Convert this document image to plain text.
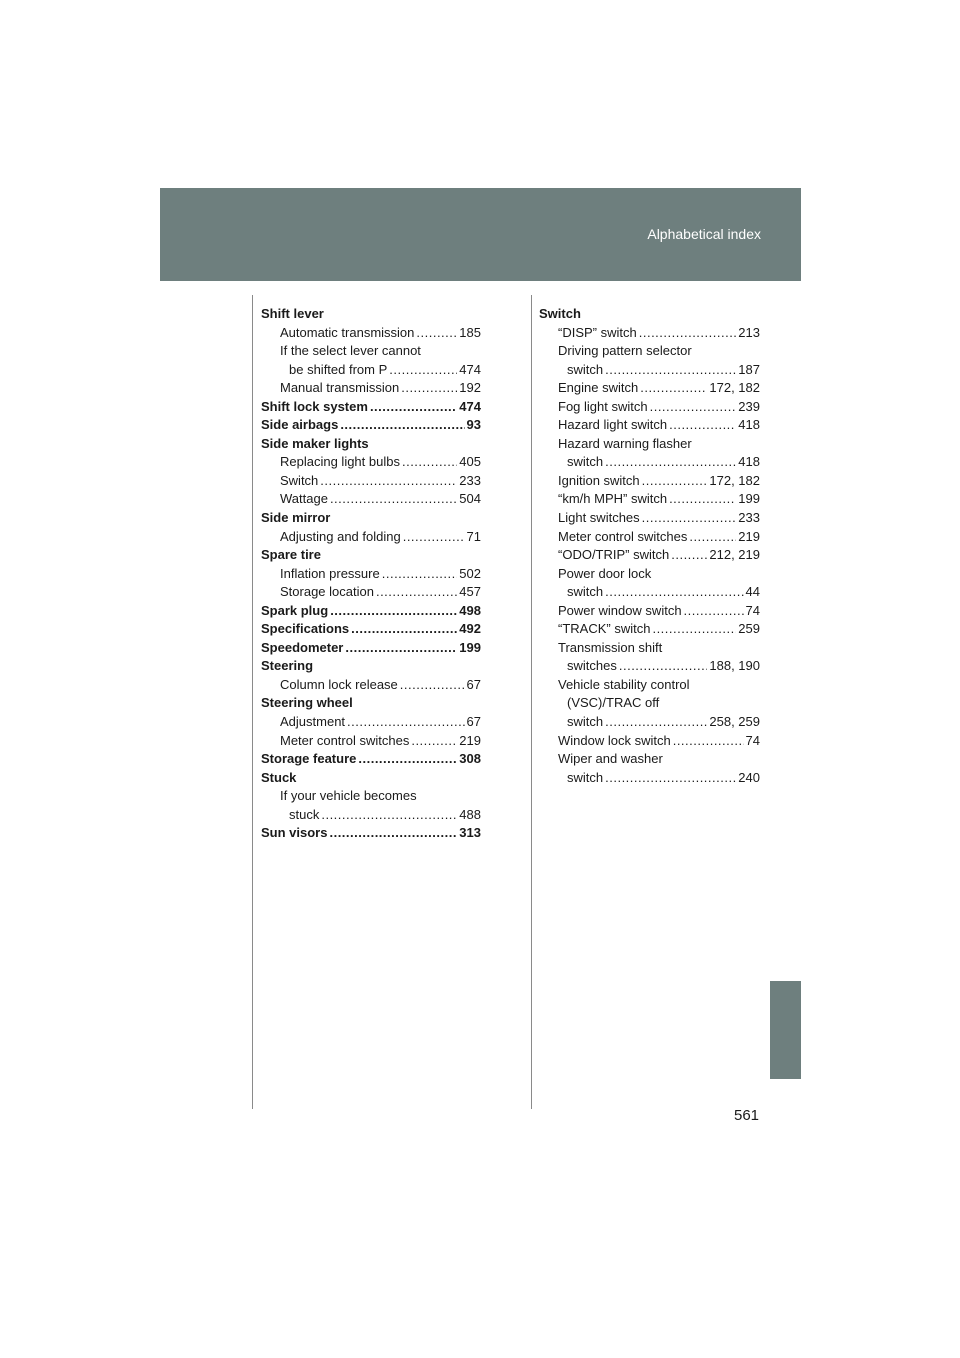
Alphabetical index
Shift lever
Automatic transmission .....	185
If the select lever cannot
be shifted from P .....	474
Manual transmission .....	192
Shift lock system .....	474
Side airbags .....	93
Side maker lights
Replacing light bulbs .....	405
Switch .....	233
Wattage .....	504
Side mirror
Adjusting and folding .....	71
Spare tire
Inflation pressure .....	502
Storage location .....	457
Spark plug .....	498
Specifications .....	492
Speedometer .....	199
Steering
Column lock release .....	67
Steering wheel
Adjustment .....	67
Meter control switches .....	219
Storage feature .....	308
Stuck
If your vehicle becomes
stuck .....	488
Sun visors .....	313
Switch
“DISP” switch .....	213
Driving pattern selector
switch .....	187
Engine switch .....	172, 182
Fog light switch .....	239
Hazard light switch .....	418
Hazard warning flasher
switch .....	418
Ignition switch .....	172, 182
“km/h MPH” switch .....	199
Light switches .....	233
Meter control switches .....	219
“ODO/TRIP” switch .....	212, 219
Power door lock
switch .....	44
Power window switch .....	74
“TRACK” switch .....	259
Transmission shift
switches .....	188, 190
Vehicle stability control
(VSC)/TRAC off
switch .....	258, 259
Window lock switch .....	74
Wiper and washer
switch .....	240
561
